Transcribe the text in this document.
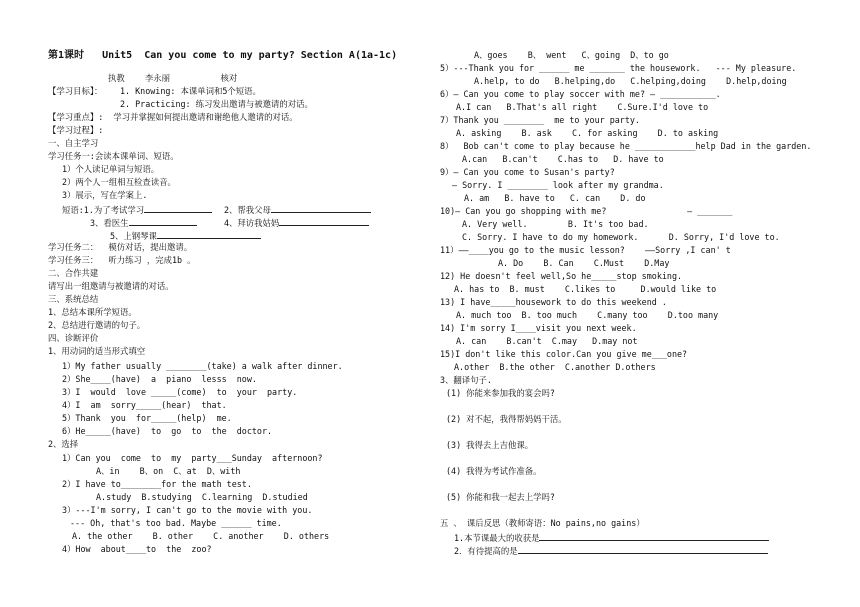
第1课时   Unit5  Can you come to my party? Section A(1a-1c)
执教    李永丽          核对
【学习目标】： 1. Knowing: 本课单词和5个短语。
2. Practicing: 练习发出邀请与被邀请的对话。
【学习重点】:  学习并掌握如何提出邀请和谢绝他人邀请的对话。
【学习过程】:
一、自主学习
学习任务一:会读本课单词、短语。
1）个人读记单词与短语。
2）两个人一组相互检查读音。
3）展示，写在学案上.
短语:1.为了考试学习	2、帮我父母
3、看医生	4、拜访我姑妈
5、上钢琴课
学习任务二：  模仿对话，提出邀请。
学习任务三：  听力练习 ，完成1b 。
二、合作共建
请写出一组邀请与被邀请的对话。
三、系统总结
1、总结本课所学短语。
2、总结进行邀请的句子。
四、诊断评价
1、用动词的适当形式填空
1）My father usually ________(take) a walk after dinner.
2）She____(have)  a  piano  lesss  now.
3）I  would  love _____(come)  to  your  party.
4）I  am  sorry_____(hear)  that.
5）Thank  you  for_____(help)  me.
6）He_____(have)  to  go  to  the  doctor.
2、选择
1）Can you  come  to  my  party___Sunday  afternoon?
A、in    B、on  C、at  D、with
2）I have to________for the math test.
A.study  B.studying  C.learning  D.studied
3）---I'm sorry, I can't go to the movie with you.
--- Oh, that's too bad. Maybe ______ time.
A. the other    B. other    C. another    D. others
4）How  about____to  the  zoo?
A、goes    B、 went   C、going  D、to go
5）---Thank you for ______ me _______ the housework.   --- My pleasure.
A.help, to do   B.helping,do   C.helping,doing    D.help,doing
6）— Can you come to play soccer with me? — ___________.
A.I can   B.That's all right    C.Sure.I'd love to
7）Thank you ________  me to your party.
A. asking    B. ask    C. for asking    D. to asking
8）  Bob can't come to play because he ____________help Dad in the garden.
A.can   B.can't    C.has to   D. have to
9）— Can you come to Susan's party?
— Sorry. I ________ look after my grandma.
A. am   B. have to   C. can    D. do
10)— Can you go shopping with me?                — _______
A. Very well.        B. It's too bad.
C. Sorry. I have to do my homework.      D. Sorry, I'd love to.
11）——____you go to the music lesson?    ——Sorry ,I can' t
A. Do    B. Can    C.Must    D.May
12) He doesn't feel well,So he_____stop smoking.
A. has to  B. must    C.likes to     D.would like to
13) I have_____housework to do this weekend .
A. much too  B. too much    C.many too    D.too many
14) I'm sorry I____visit you next week.
A. can    B.can't  C.may   D.may not
15)I don't like this color.Can you give me___one?
A.other  B.the other  C.another D.others
3、翻译句子.
(1) 你能来参加我的宴会吗?
(2) 对不起，我得帮妈妈干活。
(3) 我得去上吉他课。
(4) 我得为考试作准备。
(5) 你能和我一起去上学吗?
五 、 课后反思（教师寄语：No pains,no gains）
1.本节课最大的收获是
2．有待提高的是
